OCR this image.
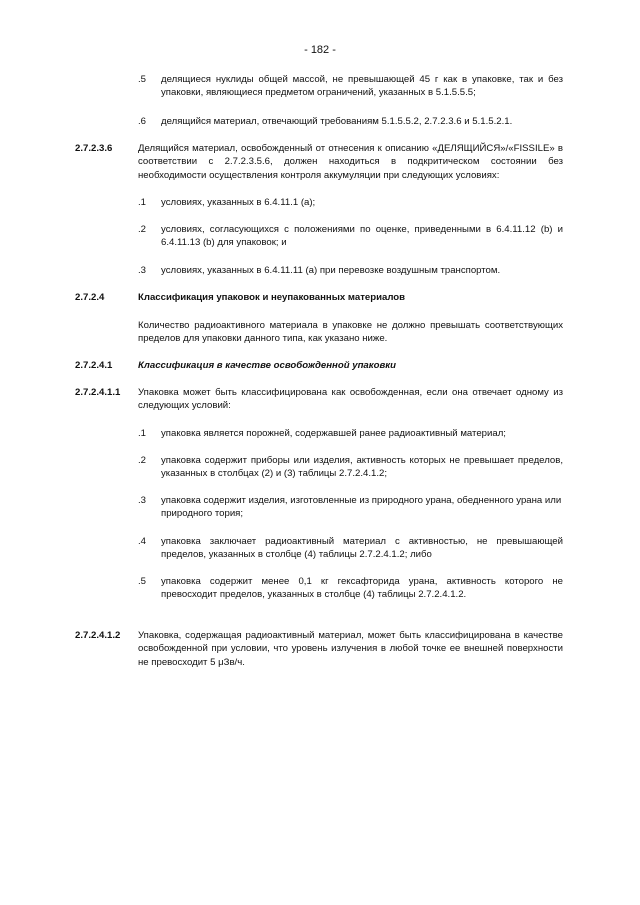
- 182 -
.5 делящиеся нуклиды общей массой, не превышающей 45 г как в упаковке, так и без упаковки, являющиеся предметом ограничений, указанных в 5.1.5.5.5;
.6 делящийся материал, отвечающий требованиям 5.1.5.5.2, 2.7.2.3.6 и 5.1.5.2.1.
2.7.2.3.6	Делящийся материал, освобожденный от отнесения к описанию «ДЕЛЯЩИЙСЯ»/«FISSILE» в соответствии с 2.7.2.3.5.6, должен находиться в подкритическом состоянии без необходимости осуществления контроля аккумуляции при следующих условиях:
.1 условиях, указанных в 6.4.11.1 (a);
.2 условиях, согласующихся с положениями по оценке, приведенными в 6.4.11.12 (b) и 6.4.11.13 (b) для упаковок; и
.3 условиях, указанных в 6.4.11.11 (a) при перевозке воздушным транспортом.
2.7.2.4	Классификация упаковок и неупакованных материалов
Количество радиоактивного материала в упаковке не должно превышать соответствующих пределов для упаковки данного типа, как указано ниже.
2.7.2.4.1	Классификация в качестве освобожденной упаковки
2.7.2.4.1.1 Упаковка может быть классифицирована как освобожденная, если она отвечает одному из следующих условий:
.1 упаковка является порожней, содержавшей ранее радиоактивный материал;
.2 упаковка содержит приборы или изделия, активность которых не превышает пределов, указанных в столбцах (2) и (3) таблицы 2.7.2.4.1.2;
.3 упаковка содержит изделия, изготовленные из природного урана, обедненного урана или природного тория;
.4 упаковка заключает радиоактивный материал с активностью, не превышающей пределов, указанных в столбце (4) таблицы 2.7.2.4.1.2; либо
.5 упаковка содержит менее 0,1 кг гексафторида урана, активность которого не превосходит пределов, указанных в столбце (4) таблицы 2.7.2.4.1.2.
2.7.2.4.1.2 Упаковка, содержащая радиоактивный материал, может быть классифицирована в качестве освобожденной при условии, что уровень излучения в любой точке ее внешней поверхности не превосходит 5 μЗв/ч.
